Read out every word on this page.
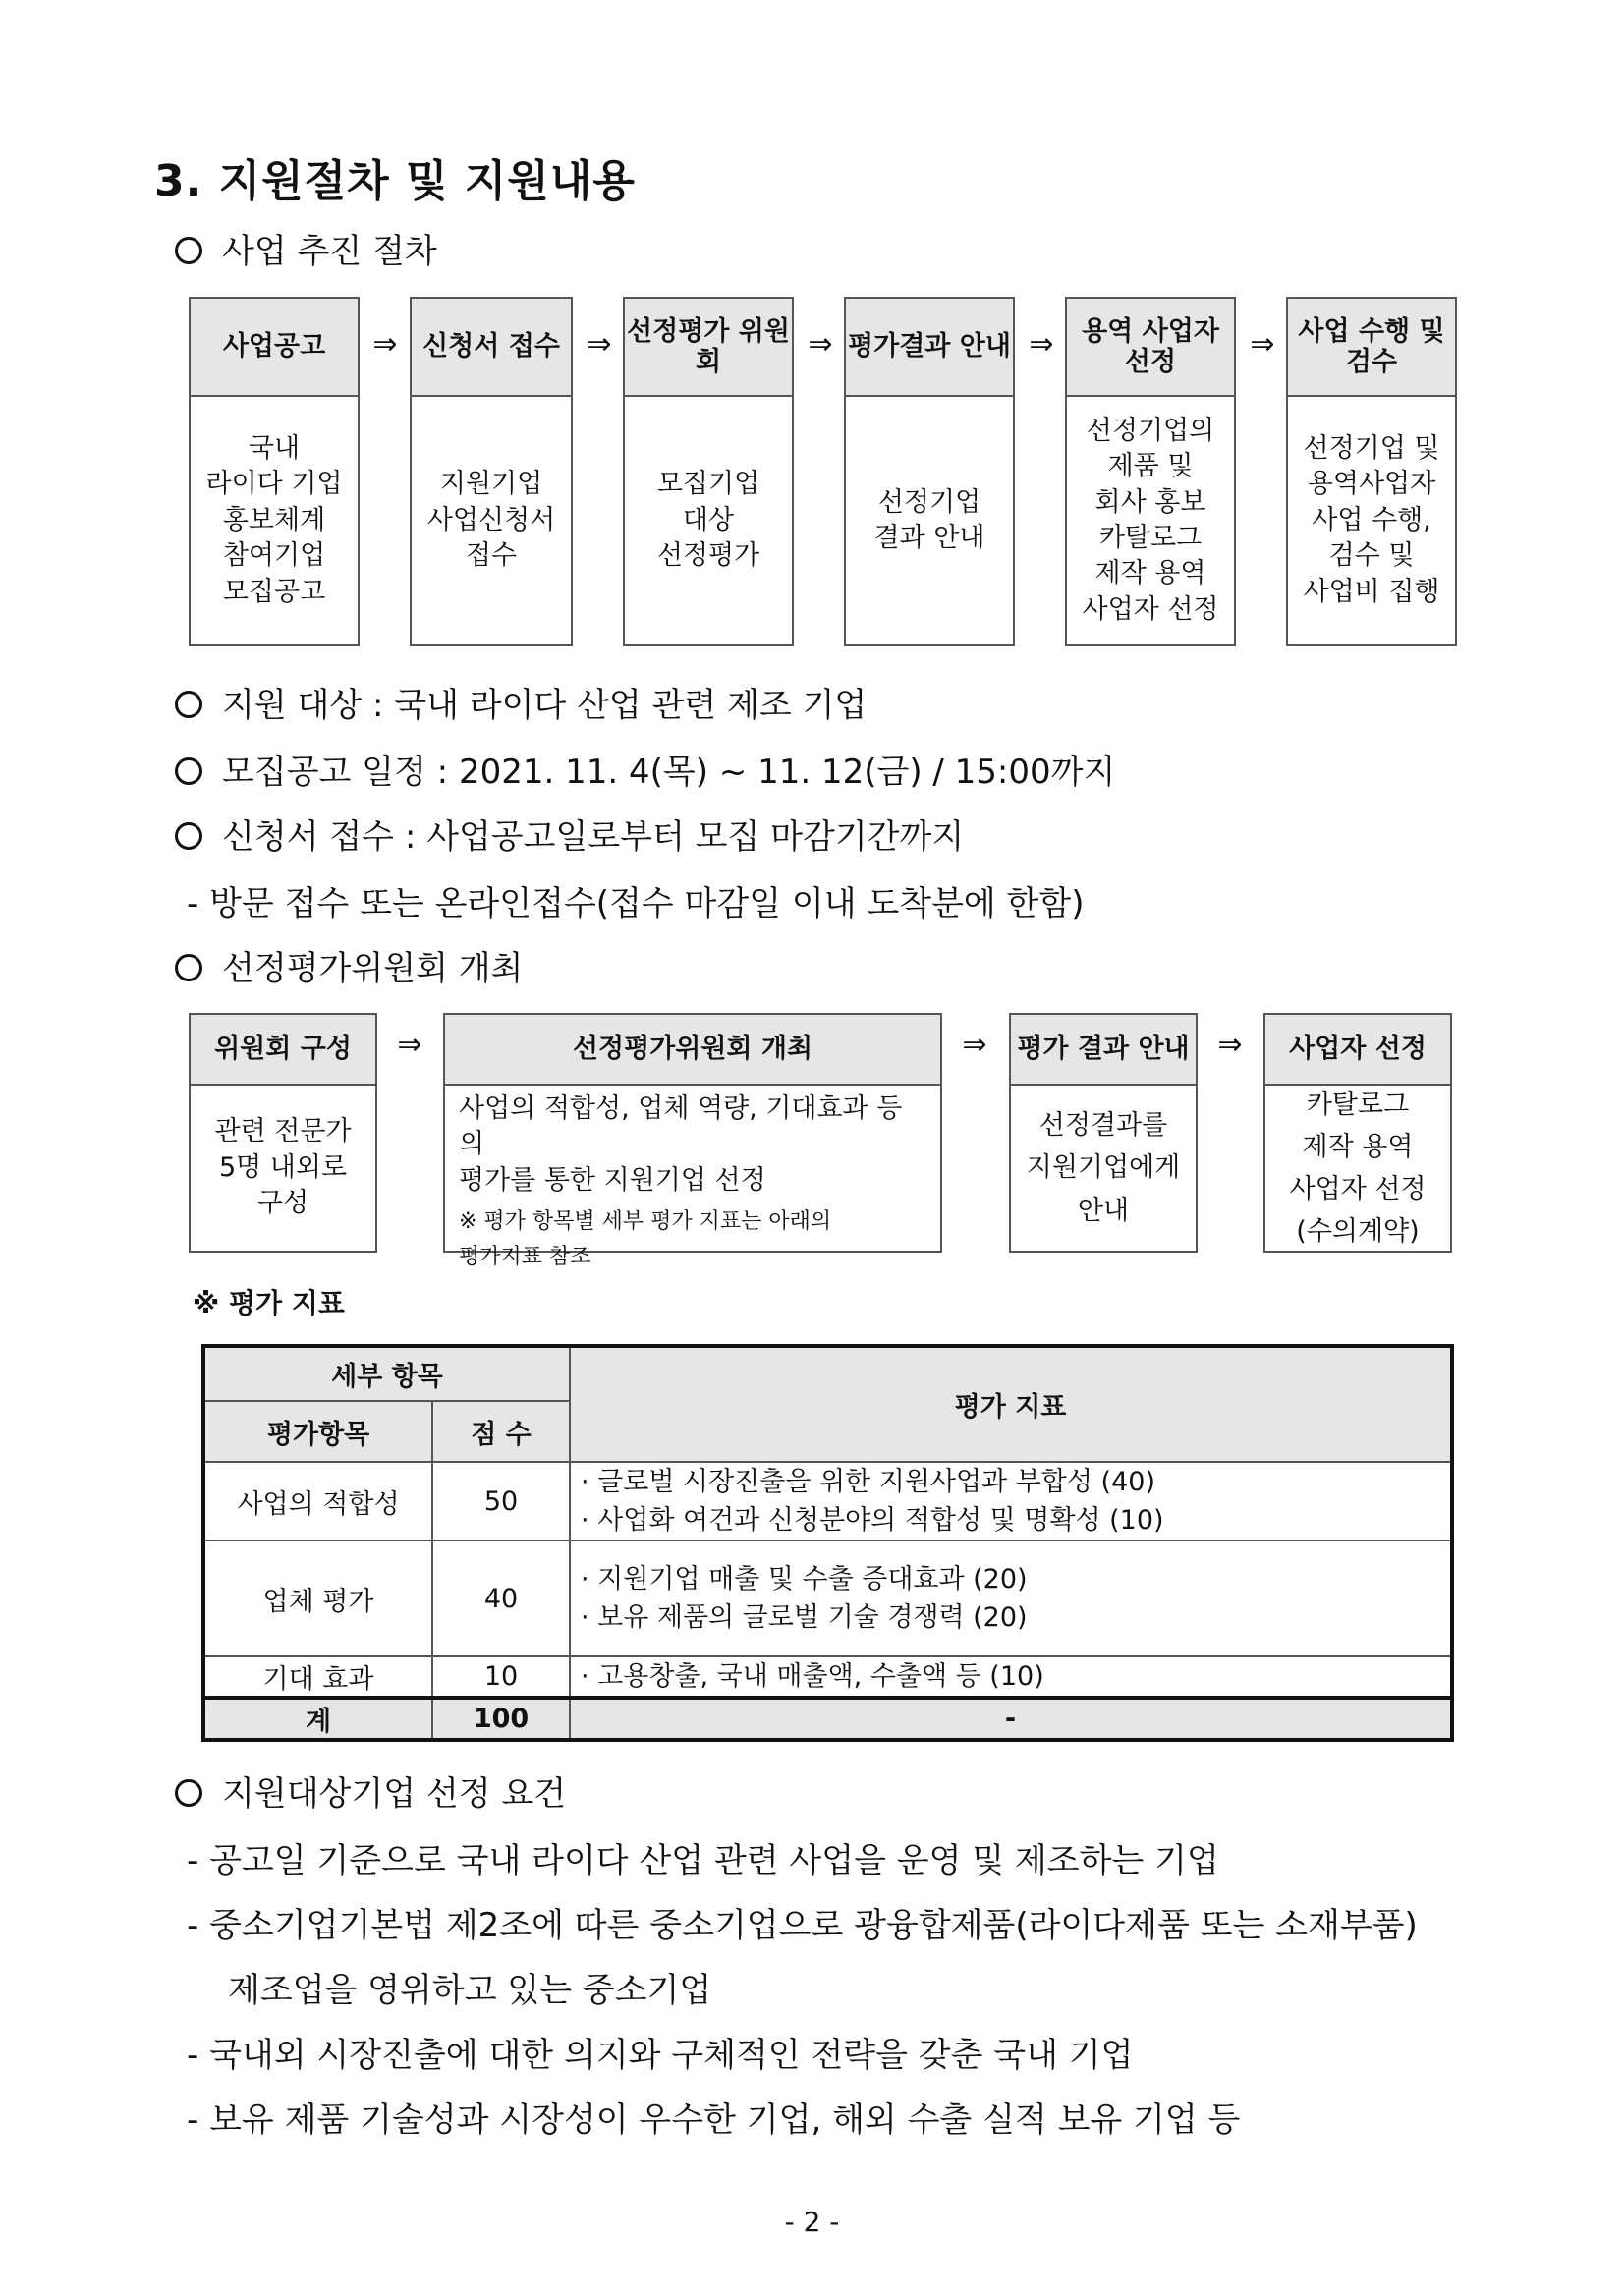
3. 지원절차 및 지원내용
사업 추진 절차
사업공고
국내
라이다 기업
홍보체계
참여기업
모집공고
⇒ 신청서 접수
지원기업
사업신청서
접수
⇒ 선정평가 위원회
모집기업
대상
선정평가
⇒ 평가결과 안내
선정기업
결과 안내
⇒	용역 사업자 선정
선정기업의
제품 및
회사 홍보
카탈로그
제작 용역
사업자 선정
⇒ 사업 수행 및 검수
선정기업 및
용역사업자
사업 수행,
검수 및
사업비 집행
지원 대상 : 국내 라이다 산업 관련 제조 기업
모집공고 일정 : 2021. 11. 4(목) ~ 11. 12(금) / 15:00까지
신청서 접수 : 사업공고일로부터 모집 마감기간까지
- 방문 접수 또는 온라인접수(접수 마감일 이내 도착분에 한함)
선정평가위원회 개최
위원회 구성
관련 전문가
5명 내외로
구성
⇒	선정평가위원회 개최
사업의 적합성, 업체 역량, 기대효과 등의
평가를 통한 지원기업 선정
※ 평가 항목별 세부 평가 지표는 아래의
평가지표 참조
⇒ 평가 결과 안내
선정결과를
지원기업에게
안내
⇒	사업자 선정
카탈로그
제작 용역
사업자 선정
(수의계약)
※ 평가 지표
세부 항목		평가 지표
평가항목	점 수	
사업의 적합성	50	· 글로벌 시장진출을 위한 지원사업과 부합성 (40)
· 사업화 여건과 신청분야의 적합성 및 명확성 (10)
업체 평가	40	· 지원기업 매출 및 수출 증대효과 (20)
· 보유 제품의 글로벌 기술 경쟁력 (20)
기대 효과	10	· 고용창출, 국내 매출액, 수출액 등 (10)
계	100	-
지원대상기업 선정 요건
- 공고일 기준으로 국내 라이다 산업 관련 사업을 운영 및 제조하는 기업
- 중소기업기본법 제2조에 따른 중소기업으로 광융합제품(라이다제품 또는 소재부품)
제조업을 영위하고 있는 중소기업
- 국내외 시장진출에 대한 의지와 구체적인 전략을 갖춘 국내 기업
- 보유 제품 기술성과 시장성이 우수한 기업, 해외 수출 실적 보유 기업 등
- 2 -
